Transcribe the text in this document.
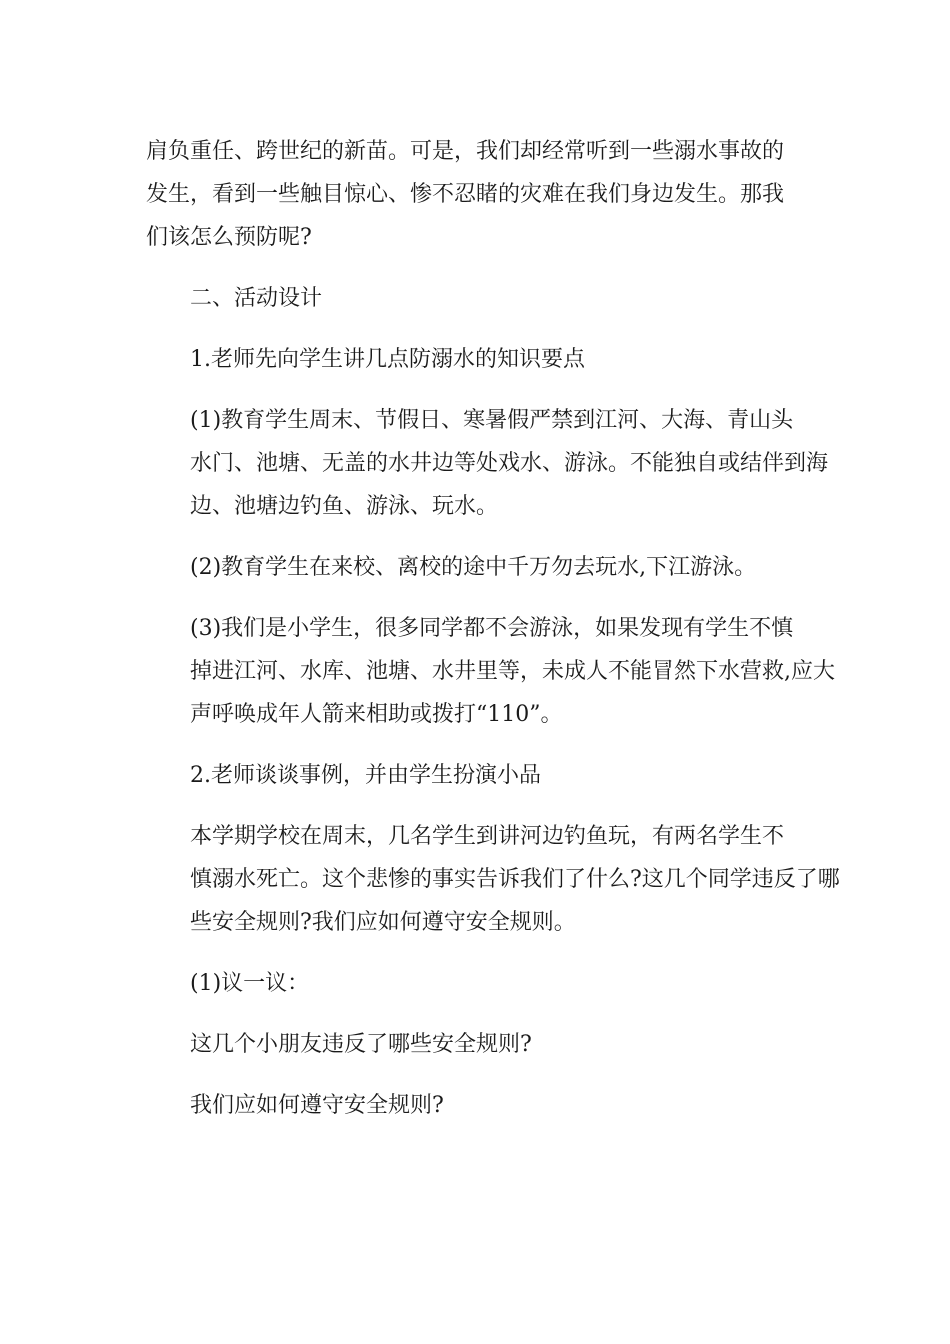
肩负重任、跨世纪的新苗。可是，我们却经常听到一些溺水事故的
发生，看到一些触目惊心、惨不忍睹的灾难在我们身边发生。那我
们该怎么预防呢?

二、活动设计

1.老师先向学生讲几点防溺水的知识要点

(1)教育学生周末、节假日、寒暑假严禁到江河、大海、青山头
水门、池塘、无盖的水井边等处戏水、游泳。不能独自或结伴到海
边、池塘边钓鱼、游泳、玩水。

(2)教育学生在来校、离校的途中千万勿去玩水,下江游泳。

(3)我们是小学生，很多同学都不会游泳，如果发现有学生不慎
掉进江河、水库、池塘、水井里等，未成人不能冒然下水营救,应大
声呼唤成年人箭来相助或拨打“110”。

2.老师谈谈事例，并由学生扮演小品

本学期学校在周末，几名学生到讲河边钓鱼玩，有两名学生不
慎溺水死亡。这个悲惨的事实告诉我们了什么?这几个同学违反了哪
些安全规则?我们应如何遵守安全规则。

(1)议一议：

这几个小朋友违反了哪些安全规则?

我们应如何遵守安全规则?
